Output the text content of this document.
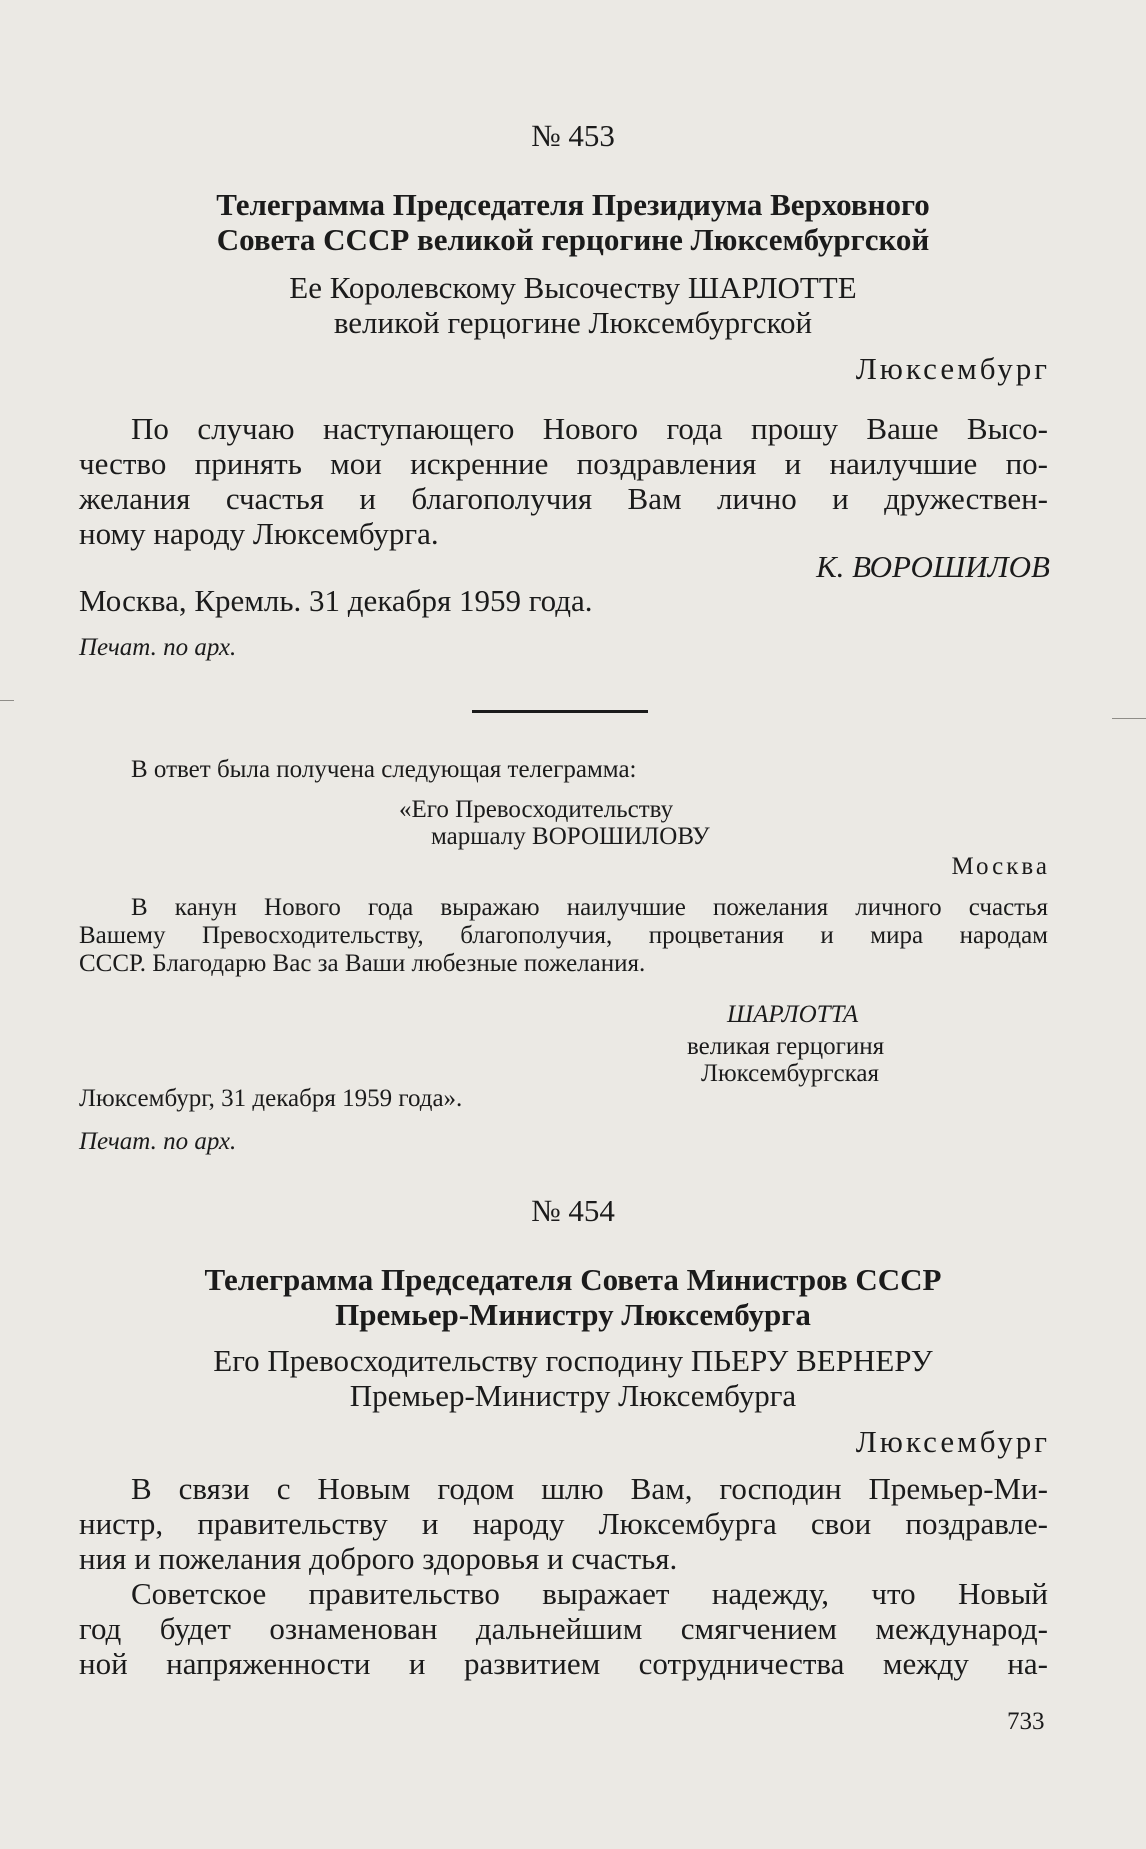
№ 453
Телеграмма Председателя Президиума Верховного
Совета СССР великой герцогине Люксембургской
Ее Королевскому Высочеству ШАРЛОТТЕ
великой герцогине Люксембургской
Люксембург
По случаю наступающего Нового года прошу Ваше Высо-
чество принять мои искренние поздравления и наилучшие по-
желания счастья и благополучия Вам лично и дружествен-
ному народу Люксембурга.
К. ВОРОШИЛОВ
Москва, Кремль. 31 декабря 1959 года.
Печат. по арх.
В ответ была получена следующая телеграмма:
«Его Превосходительству
маршалу ВОРОШИЛОВУ
Москва
В канун Нового года выражаю наилучшие пожелания личного счастья
Вашему Превосходительству, благополучия, процветания и мира народам
СССР. Благодарю Вас за Ваши любезные пожелания.
ШАРЛОТТА
великая герцогиня
Люксембургская
Люксембург, 31 декабря 1959 года».
Печат. по арх.
№ 454
Телеграмма Председателя Совета Министров СССР
Премьер-Министру Люксембурга
Его Превосходительству господину ПЬЕРУ ВЕРНЕРУ
Премьер-Министру Люксембурга
Люксембург
В связи с Новым годом шлю Вам, господин Премьер-Ми-
нистр, правительству и народу Люксембурга свои поздравле-
ния и пожелания доброго здоровья и счастья.
Советское правительство выражает надежду, что Новый
год будет ознаменован дальнейшим смягчением международ-
ной напряженности и развитием сотрудничества между на-
733
